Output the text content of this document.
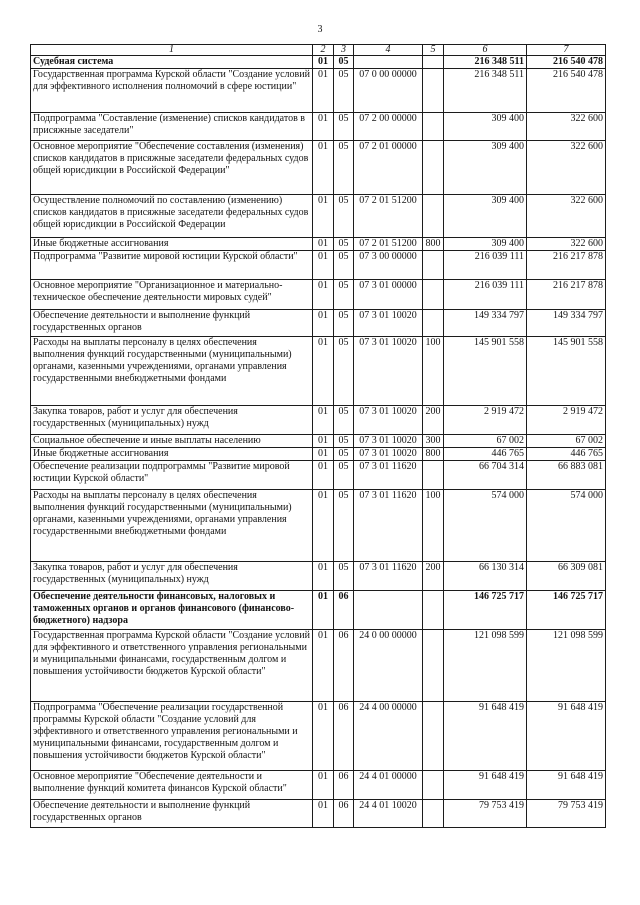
3
1	2	3	4	5	6	7
Судебная система	01	05			216 348 511	216 540 478
Государственная программа Курской области "Создание условий для эффективного исполнения полномочий в сфере юстиции"	01	05	07 0 00 00000		216 348 511	216 540 478
Подпрограмма "Составление (изменение) списков кандидатов в присяжные заседатели"	01	05	07 2 00 00000		309 400	322 600
Основное мероприятие "Обеспечение составления (изменения) списков кандидатов в присяжные заседатели федеральных судов общей юрисдикции в Российской Федерации"	01	05	07 2 01 00000		309 400	322 600
Осуществление полномочий по составлению (изменению) списков кандидатов в присяжные заседатели федеральных судов общей юрисдикции в Российской Федерации	01	05	07 2 01 51200		309 400	322 600
Иные бюджетные ассигнования	01	05	07 2 01 51200	800	309 400	322 600
Подпрограмма "Развитие мировой юстиции Курской области"	01	05	07 3 00 00000		216 039 111	216 217 878
Основное мероприятие "Организационное и материально-техническое обеспечение деятельности мировых судей"	01	05	07 3 01 00000		216 039 111	216 217 878
Обеспечение деятельности и выполнение функций государственных органов	01	05	07 3 01 10020		149 334 797	149 334 797
Расходы на выплаты персоналу в целях обеспечения выполнения функций государственными (муниципальными) органами, казенными учреждениями, органами управления государственными внебюджетными фондами	01	05	07 3 01 10020	100	145 901 558	145 901 558
Закупка товаров, работ и услуг для обеспечения государственных (муниципальных) нужд	01	05	07 3 01 10020	200	2 919 472	2 919 472
Социальное обеспечение и иные выплаты населению	01	05	07 3 01 10020	300	67 002	67 002
Иные бюджетные ассигнования	01	05	07 3 01 10020	800	446 765	446 765
Обеспечение реализации подпрограммы "Развитие мировой юстиции Курской области"	01	05	07 3 01 11620		66 704 314	66 883 081
Расходы на выплаты персоналу в целях обеспечения выполнения функций государственными (муниципальными) органами, казенными учреждениями, органами управления государственными внебюджетными фондами	01	05	07 3 01 11620	100	574 000	574 000
Закупка товаров, работ и услуг для обеспечения государственных (муниципальных) нужд	01	05	07 3 01 11620	200	66 130 314	66 309 081
Обеспечение деятельности финансовых, налоговых и таможенных органов и органов финансового (финансово-бюджетного) надзора	01	06			146 725 717	146 725 717
Государственная программа Курской области "Создание условий для эффективного и ответственного управления региональными и муниципальными финансами, государственным долгом и повышения устойчивости бюджетов Курской области"	01	06	24 0 00 00000		121 098 599	121 098 599
Подпрограмма "Обеспечение реализации государственной программы Курской области "Создание условий для эффективного и ответственного управления региональными и муниципальными финансами, государственным долгом и повышения устойчивости бюджетов Курской области"	01	06	24 4 00 00000		91 648 419	91 648 419
Основное мероприятие "Обеспечение деятельности и выполнение функций комитета финансов Курской области"	01	06	24 4 01 00000		91 648 419	91 648 419
Обеспечение деятельности и выполнение функций государственных органов	01	06	24 4 01 10020		79 753 419	79 753 419
